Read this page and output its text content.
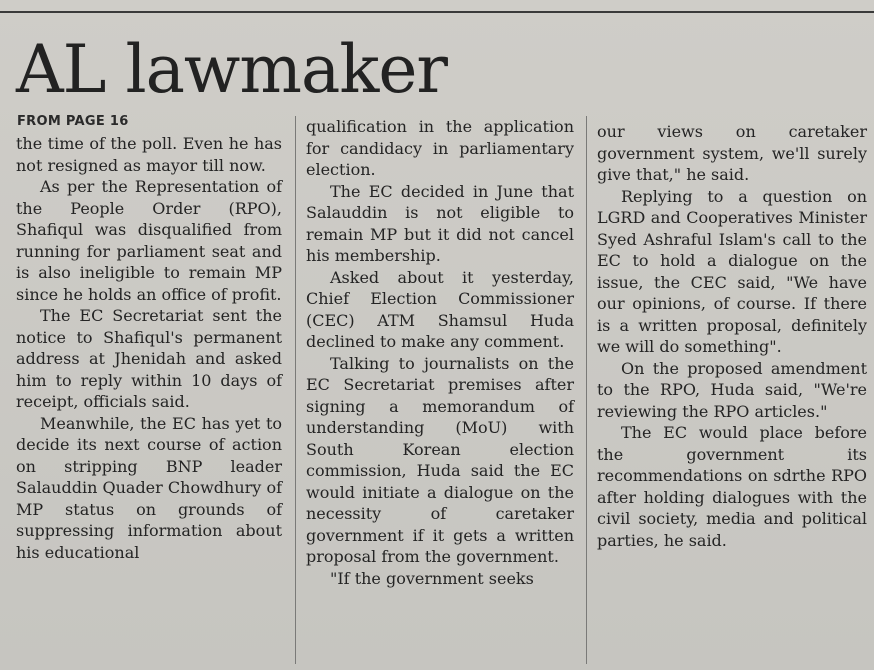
AL lawmaker
FROM PAGE 16

the time of the poll. Even he has not resigned as mayor till now.

As per the Representation of the People Order (RPO), Shafiqul was disqualified from running for parliament seat and is also ineligible to remain MP since he holds an office of profit.

The EC Secretariat sent the notice to Shafiqul's permanent address at Jhenidah and asked him to reply within 10 days of receipt, officials said.

Meanwhile, the EC has yet to decide its next course of action on stripping BNP leader Salauddin Quader Chowdhury of MP status on grounds of suppressing information about his educational

qualification in the application for candidacy in parliamentary election.

The EC decided in June that Salauddin is not eligible to remain MP but it did not cancel his membership.

Asked about it yesterday, Chief Election Commissioner (CEC) ATM Shamsul Huda declined to make any comment.

Talking to journalists on the EC Secretariat premises after signing a memorandum of understanding (MoU) with South Korean election commission, Huda said the EC would initiate a dialogue on the necessity of caretaker government if it gets a written proposal from the government.

"If the government seeks

our views on caretaker government system, we'll surely give that," he said.

Replying to a question on LGRD and Cooperatives Minister Syed Ashraful Islam's call to the EC to hold a dialogue on the issue, the CEC said, "We have our opinions, of course. If there is a written proposal, definitely we will do something".

On the proposed amendment to the RPO, Huda said, "We're reviewing the RPO articles."

The EC would place before the government its recommendations on sdrthe RPO after holding dialogues with the civil society, media and political parties, he said.
